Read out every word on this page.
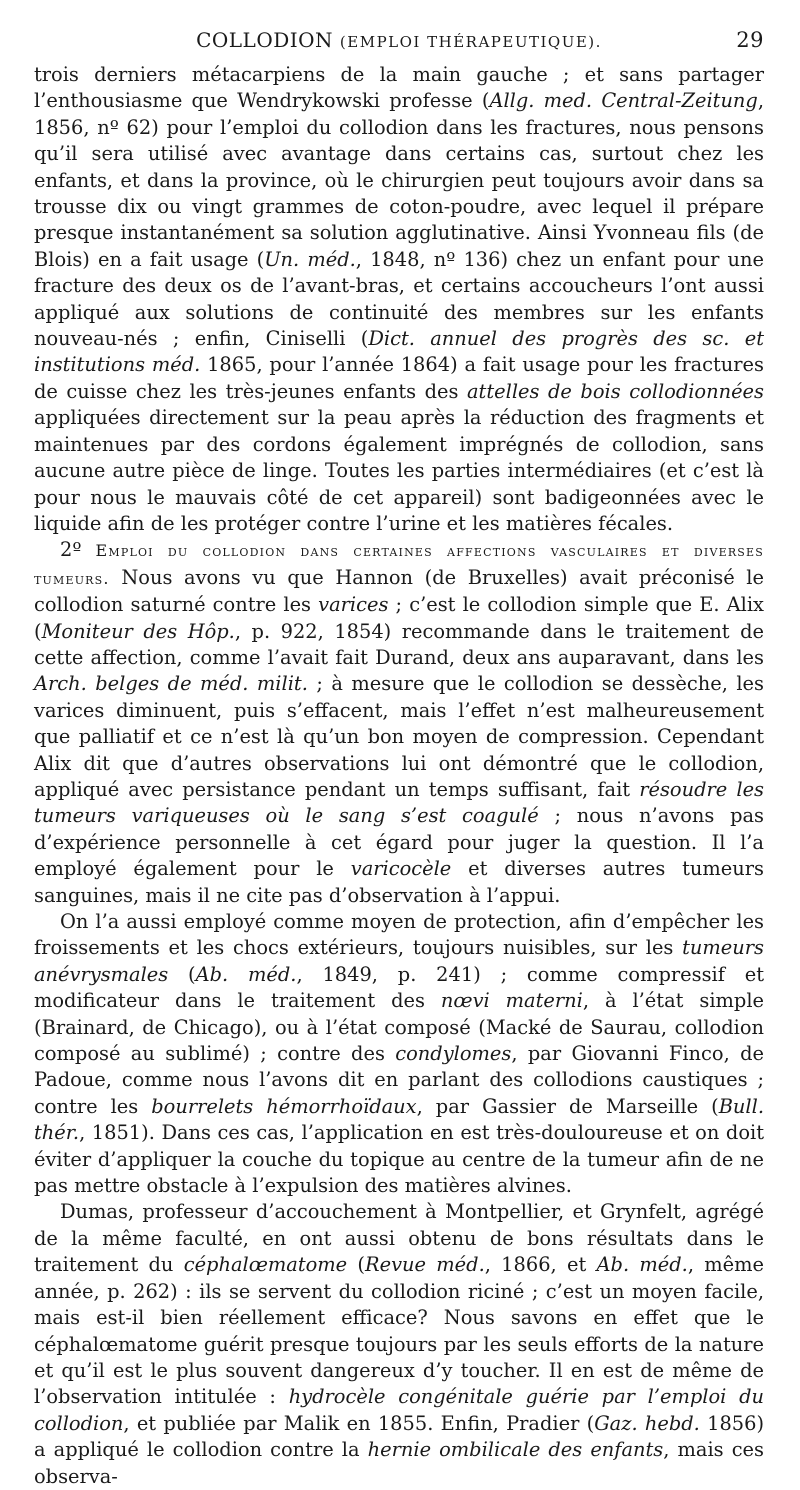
COLLODION (EMPLOI THÉRAPEUTIQUE).	29

trois derniers métacarpiens de la main gauche ; et sans partager l’enthousiasme que Wendrykowski professe (Allg. med. Central-Zeitung, 1856, nº 62) pour l’emploi du collodion dans les fractures, nous pensons qu’il sera utilisé avec avantage dans certains cas, surtout chez les enfants, et dans la province, où le chirurgien peut toujours avoir dans sa trousse dix ou vingt grammes de coton-poudre, avec lequel il prépare presque instantanément sa solution agglutinative. Ainsi Yvonneau fils (de Blois) en a fait usage (Un. méd., 1848, nº 136) chez un enfant pour une fracture des deux os de l’avant-bras, et certains accoucheurs l’ont aussi appliqué aux solutions de continuité des membres sur les enfants nouveau-nés ; enfin, Ciniselli (Dict. annuel des progrès des sc. et institutions méd. 1865, pour l’année 1864) a fait usage pour les fractures de cuisse chez les très-jeunes enfants des attelles de bois collodionnées appliquées directement sur la peau après la réduction des fragments et maintenues par des cordons également imprégnés de collodion, sans aucune autre pièce de linge. Toutes les parties intermédiaires (et c’est là pour nous le mauvais côté de cet appareil) sont badigeonnées avec le liquide afin de les protéger contre l’urine et les matières fécales.

2º Emploi du collodion dans certaines affections vasculaires et diverses tumeurs. Nous avons vu que Hannon (de Bruxelles) avait préconisé le collodion saturné contre les varices ; c’est le collodion simple que E. Alix (Moniteur des Hôp., p. 922, 1854) recommande dans le traitement de cette affection, comme l’avait fait Durand, deux ans auparavant, dans les Arch. belges de méd. milit. ; à mesure que le collodion se dessèche, les varices diminuent, puis s’effacent, mais l’effet n’est malheureusement que palliatif et ce n’est là qu’un bon moyen de compression. Cependant Alix dit que d’autres observations lui ont démontré que le collodion, appliqué avec persistance pendant un temps suffisant, fait résoudre les tumeurs variqueuses où le sang s’est coagulé ; nous n’avons pas d’expérience personnelle à cet égard pour juger la question. Il l’a employé également pour le varicocèle et diverses autres tumeurs sanguines, mais il ne cite pas d’observation à l’appui.

On l’a aussi employé comme moyen de protection, afin d’empêcher les froissements et les chocs extérieurs, toujours nuisibles, sur les tumeurs anévrysmales (Ab. méd., 1849, p. 241) ; comme compressif et modificateur dans le traitement des nœvi materni, à l’état simple (Brainard, de Chicago), ou à l’état composé (Macké de Saurau, collodion composé au sublimé) ; contre des condylomes, par Giovanni Finco, de Padoue, comme nous l’avons dit en parlant des collodions caustiques ; contre les bourrelets hémorrhoïdaux, par Gassier de Marseille (Bull. thér., 1851). Dans ces cas, l’application en est très-douloureuse et on doit éviter d’appliquer la couche du topique au centre de la tumeur afin de ne pas mettre obstacle à l’expulsion des matières alvines.

Dumas, professeur d’accouchement à Montpellier, et Grynfelt, agrégé de la même faculté, en ont aussi obtenu de bons résultats dans le traitement du céphalœmatome (Revue méd., 1866, et Ab. méd., même année, p. 262) : ils se servent du collodion riciné ; c’est un moyen facile, mais est-il bien réellement efficace? Nous savons en effet que le céphalœmatome guérit presque toujours par les seuls efforts de la nature et qu’il est le plus souvent dangereux d’y toucher. Il en est de même de l’observation intitulée : hydrocèle congénitale guérie par l’emploi du collodion, et publiée par Malik en 1855. Enfin, Pradier (Gaz. hebd. 1856) a appliqué le collodion contre la hernie ombilicale des enfants, mais ces observa-
